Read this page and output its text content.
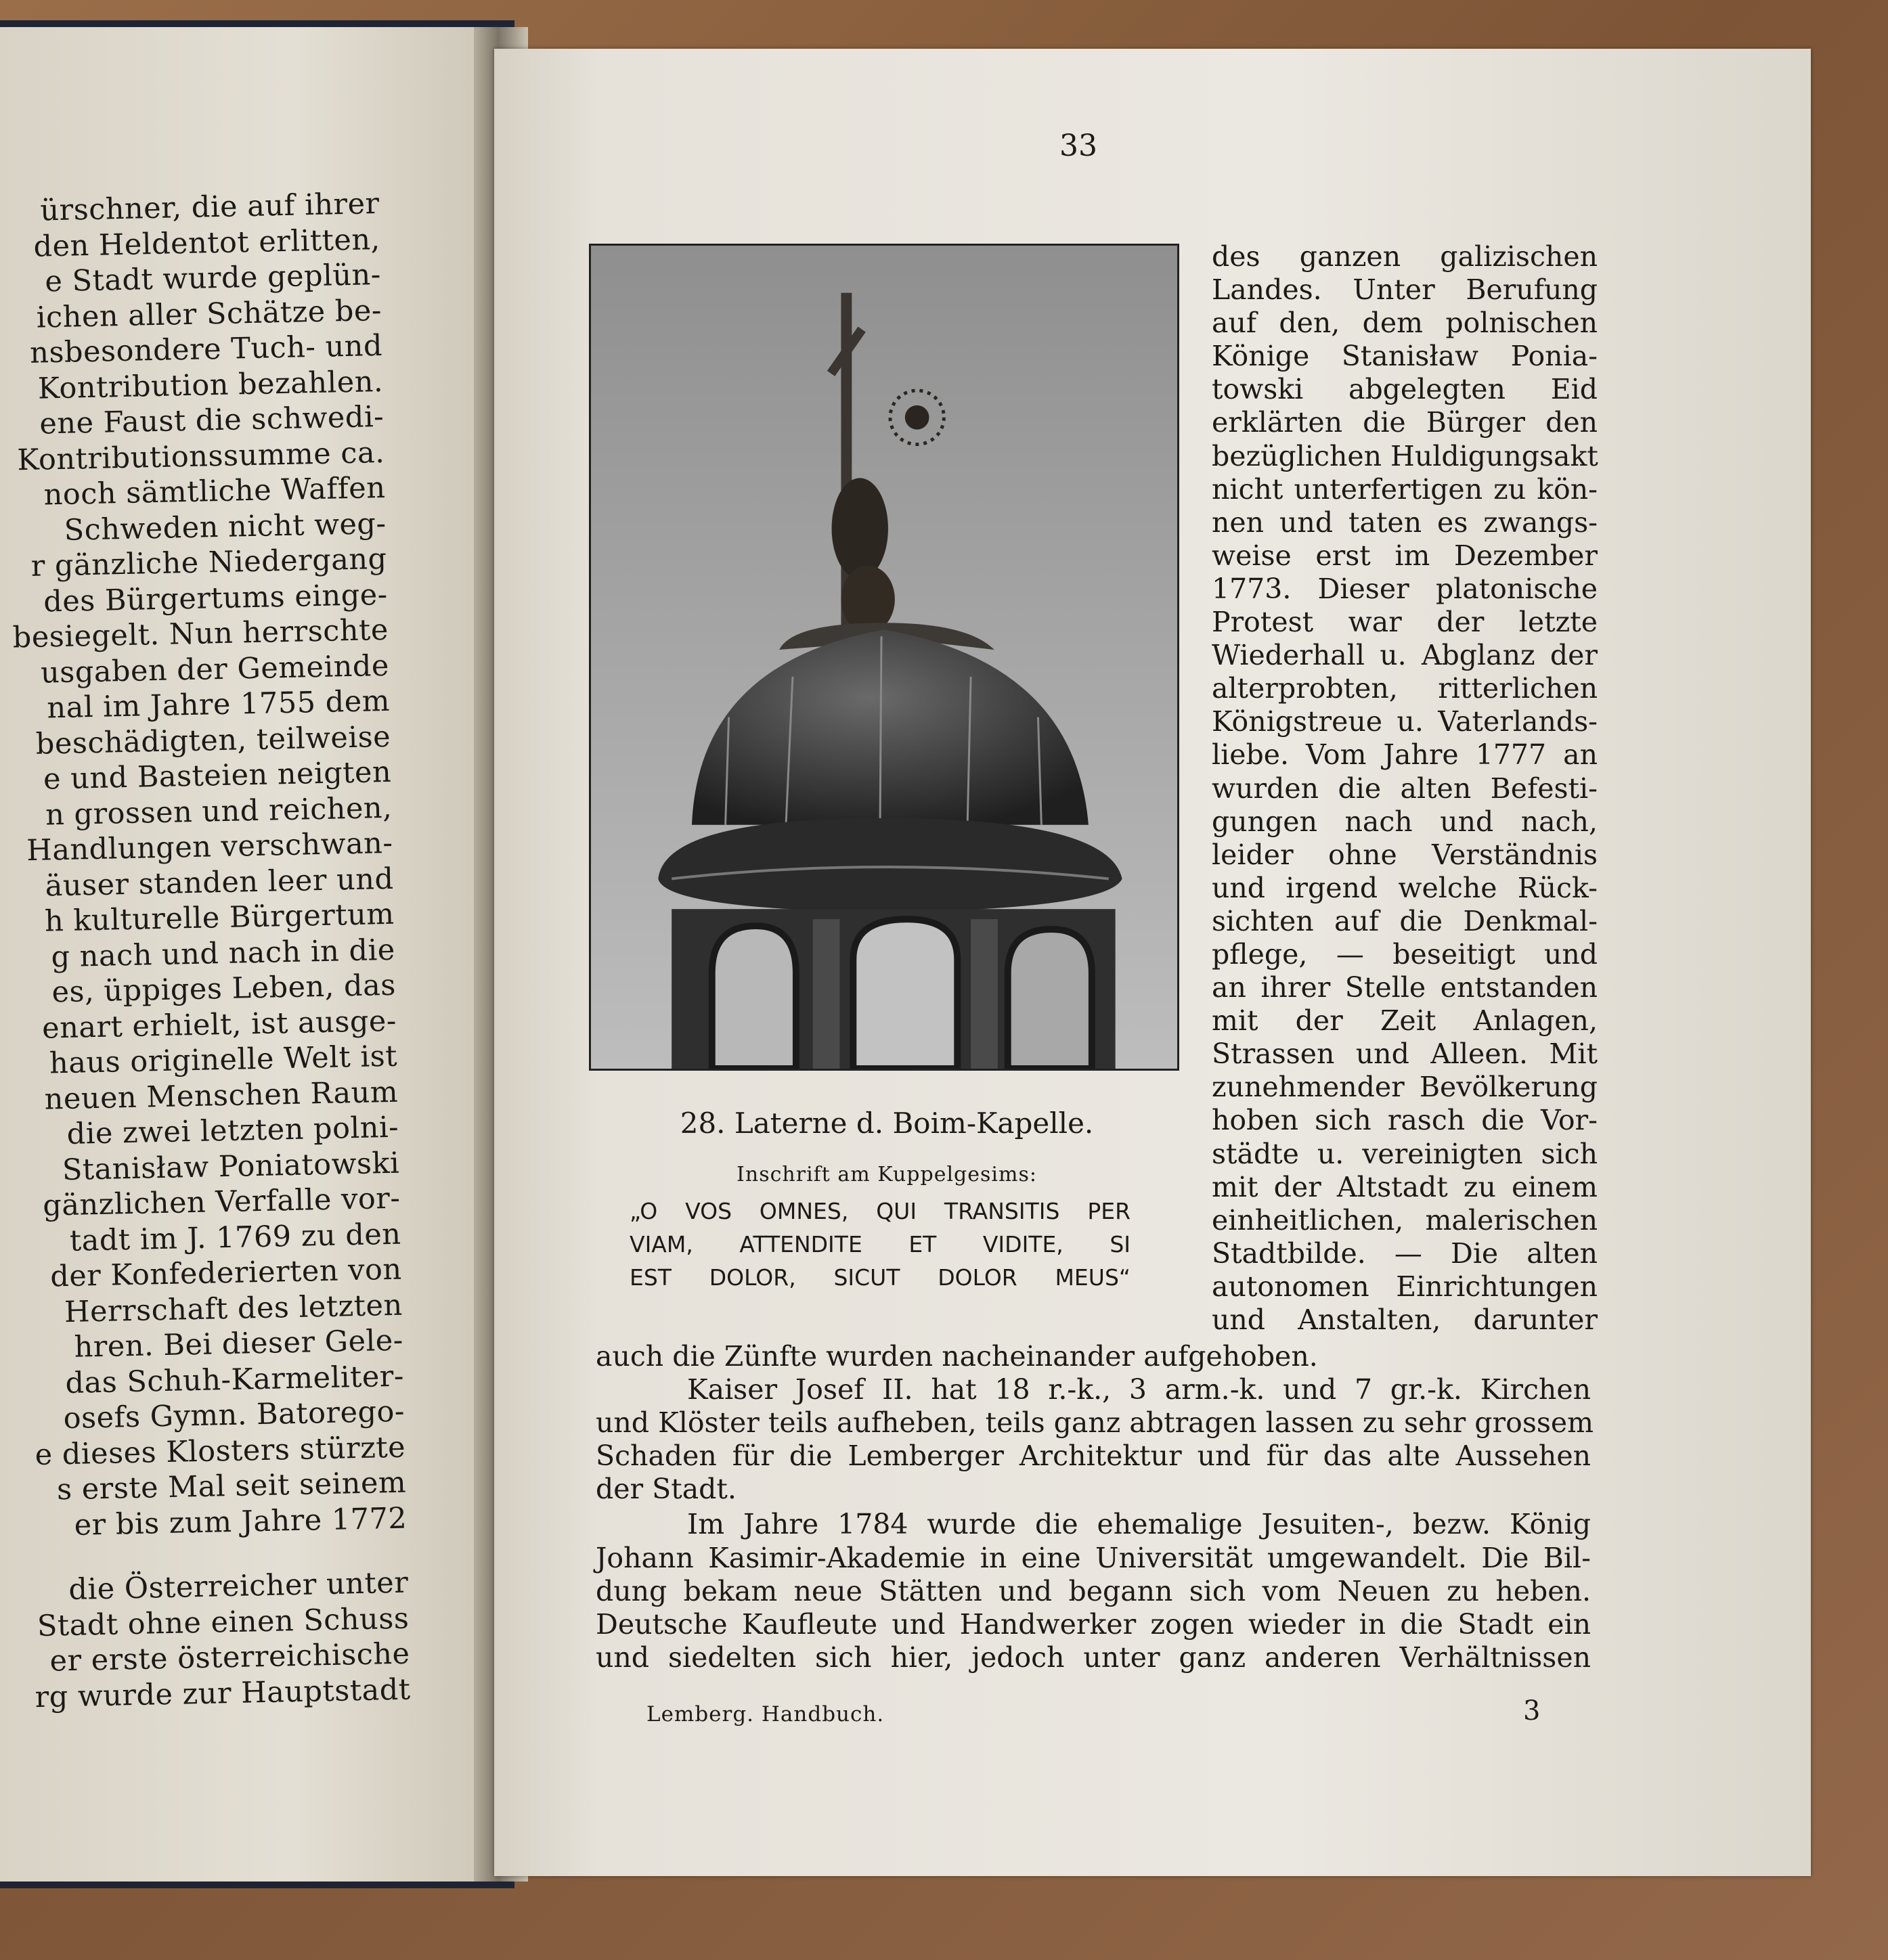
ürschner, die auf ihrer
den Heldentot erlitten,
e Stadt wurde geplün-
ichen aller Schätze be-
nsbesondere Tuch- und
Kontribution bezahlen.
ene Faust die schwedi-
Kontributionssumme ca.
noch sämtliche Waffen
Schweden nicht weg-
r gänzliche Niedergang
des Bürgertums einge-
besiegelt. Nun herrschte
usgaben der Gemeinde
nal im Jahre 1755 dem
beschädigten, teilweise
e und Basteien neigten
n grossen und reichen,
Handlungen verschwan-
äuser standen leer und
h kulturelle Bürgertum
g nach und nach in die
es, üppiges Leben, das
enart erhielt, ist ausge-
haus originelle Welt ist
neuen Menschen Raum
die zwei letzten polni-
Stanisław Poniatowski
gänzlichen Verfalle vor-
tadt im J. 1769 zu den
der Konfederierten von
Herrschaft des letzten
hren. Bei dieser Gele-
das Schuh-Karmeliter-
osefs Gymn. Batorego-
e dieses Klosters stürzte
s erste Mal seit seinem
er bis zum Jahre 1772
die Österreicher unter
Stadt ohne einen Schuss
er erste österreichische
rg wurde zur Hauptstadt
33
28. Laterne d. Boim-Kapelle.
Inschrift am Kuppelgesims:
„O VOS OMNES, QUI TRANSITIS PER
VIAM, ATTENDITE ET VIDITE, SI
EST DOLOR, SICUT DOLOR MEUS“
des ganzen galizischen
Landes. Unter Berufung
auf den, dem polnischen
Könige Stanisław Ponia-
towski abgelegten Eid
erklärten die Bürger den
bezüglichen Huldigungsakt
nicht unterfertigen zu kön-
nen und taten es zwangs-
weise erst im Dezember
1773. Dieser platonische
Protest war der letzte
Wiederhall u. Abglanz der
alterprobten, ritterlichen
Königstreue u. Vaterlands-
liebe. Vom Jahre 1777 an
wurden die alten Befesti-
gungen nach und nach,
leider ohne Verständnis
und irgend welche Rück-
sichten auf die Denkmal-
pflege, — beseitigt und
an ihrer Stelle entstanden
mit der Zeit Anlagen,
Strassen und Alleen. Mit
zunehmender Bevölkerung
hoben sich rasch die Vor-
städte u. vereinigten sich
mit der Altstadt zu einem
einheitlichen, malerischen
Stadtbilde. — Die alten
autonomen Einrichtungen
und Anstalten, darunter
auch die Zünfte wurden nacheinander aufgehoben.
Kaiser Josef II. hat 18 r.-k., 3 arm.-k. und 7 gr.-k. Kirchen
und Klöster teils aufheben, teils ganz abtragen lassen zu sehr grossem
Schaden für die Lemberger Architektur und für das alte Aussehen
der Stadt.
Im Jahre 1784 wurde die ehemalige Jesuiten-, bezw. König
Johann Kasimir-Akademie in eine Universität umgewandelt. Die Bil-
dung bekam neue Stätten und begann sich vom Neuen zu heben.
Deutsche Kaufleute und Handwerker zogen wieder in die Stadt ein
und siedelten sich hier, jedoch unter ganz anderen Verhältnissen
Lemberg. Handbuch.	3
